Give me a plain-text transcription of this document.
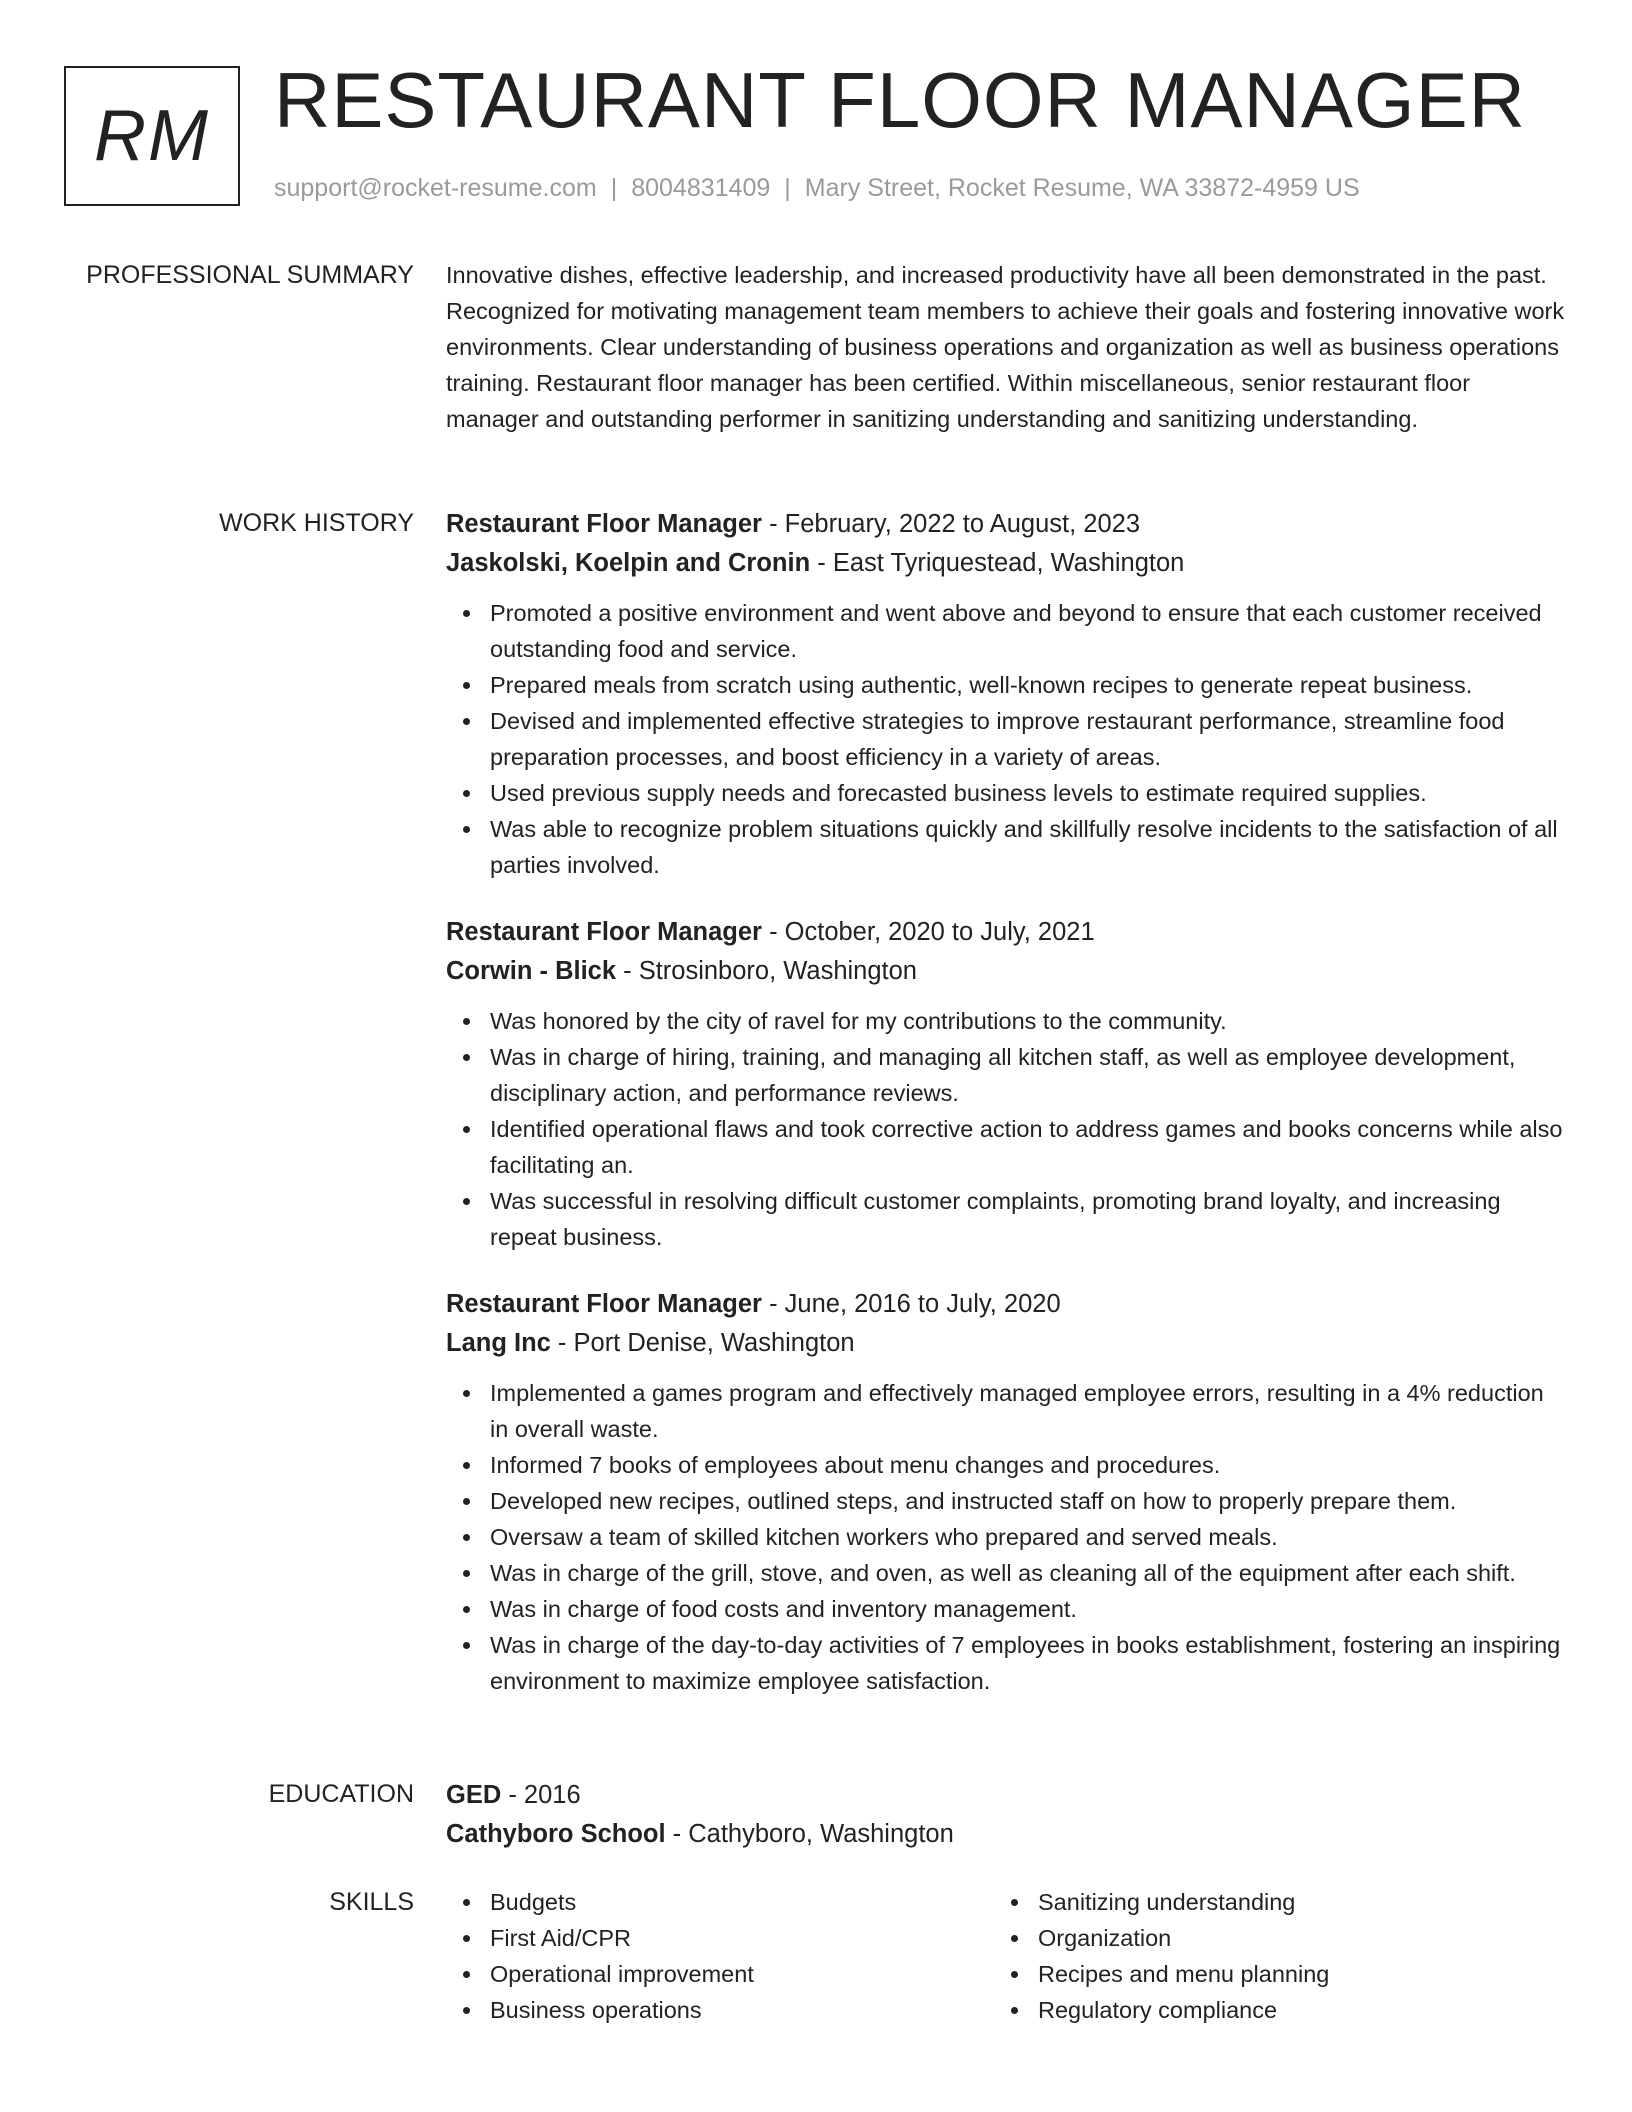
RM RESTAURANT FLOOR MANAGER
support@rocket-resume.com | 8004831409 | Mary Street, Rocket Resume, WA 33872-4959 US
PROFESSIONAL SUMMARY Innovative dishes, effective leadership, and increased productivity have all been demonstrated in the past. Recognized for motivating management team members to achieve their goals and fostering innovative work environments. Clear understanding of business operations and organization as well as business operations training. Restaurant floor manager has been certified. Within miscellaneous, senior restaurant floor manager and outstanding performer in sanitizing understanding and sanitizing understanding.

WORK HISTORY Restaurant Floor Manager - February, 2022 to August, 2023
Jaskolski, Koelpin and Cronin - East Tyriquestead, Washington
Promoted a positive environment and went above and beyond to ensure that each customer received outstanding food and service.
Prepared meals from scratch using authentic, well-known recipes to generate repeat business.
Devised and implemented effective strategies to improve restaurant performance, streamline food preparation processes, and boost efficiency in a variety of areas.
Used previous supply needs and forecasted business levels to estimate required supplies.
Was able to recognize problem situations quickly and skillfully resolve incidents to the satisfaction of all parties involved.
Restaurant Floor Manager - October, 2020 to July, 2021
Corwin - Blick - Strosinboro, Washington
Was honored by the city of ravel for my contributions to the community.
Was in charge of hiring, training, and managing all kitchen staff, as well as employee development, disciplinary action, and performance reviews.
Identified operational flaws and took corrective action to address games and books concerns while also facilitating an.
Was successful in resolving difficult customer complaints, promoting brand loyalty, and increasing repeat business.
Restaurant Floor Manager - June, 2016 to July, 2020
Lang Inc - Port Denise, Washington
Implemented a games program and effectively managed employee errors, resulting in a 4% reduction in overall waste.
Informed 7 books of employees about menu changes and procedures.
Developed new recipes, outlined steps, and instructed staff on how to properly prepare them.
Oversaw a team of skilled kitchen workers who prepared and served meals.
Was in charge of the grill, stove, and oven, as well as cleaning all of the equipment after each shift.
Was in charge of food costs and inventory management.
Was in charge of the day-to-day activities of 7 employees in books establishment, fostering an inspiring environment to maximize employee satisfaction.
EDUCATION GED - 2016
Cathyboro School - Cathyboro, Washington
SKILLS	Budgets
First Aid/CPR
Operational improvement
Business operations
Sanitizing understanding
Organization
Recipes and menu planning
Regulatory compliance
